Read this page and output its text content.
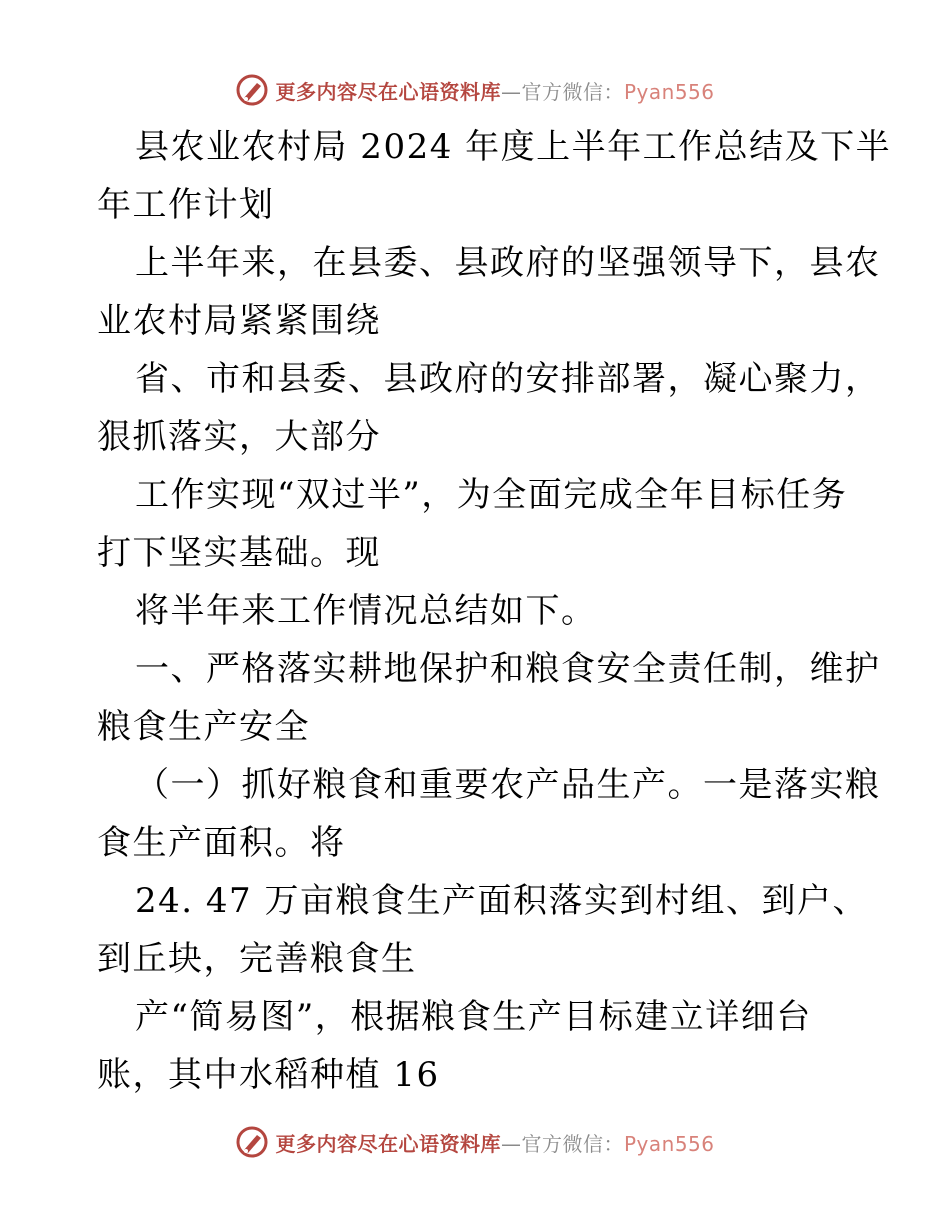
更多内容尽在心语资料库—官方微信：Pyan556
县农业农村局 2024 年度上半年工作总结及下半
年工作计划
上半年来，在县委、县政府的坚强领导下，县农
业农村局紧紧围绕
省、市和县委、县政府的安排部署，凝心聚力，
狠抓落实，大部分
工作实现“双过半”，为全面完成全年目标任务
打下坚实基础。现
将半年来工作情况总结如下。
一、严格落实耕地保护和粮食安全责任制，维护
粮食生产安全
（一）抓好粮食和重要农产品生产。一是落实粮
食生产面积。将
24. 47 万亩粮食生产面积落实到村组、到户、
到丘块，完善粮食生
产“简易图”，根据粮食生产目标建立详细台
账，其中水稻种植 16
更多内容尽在心语资料库—官方微信：Pyan556
